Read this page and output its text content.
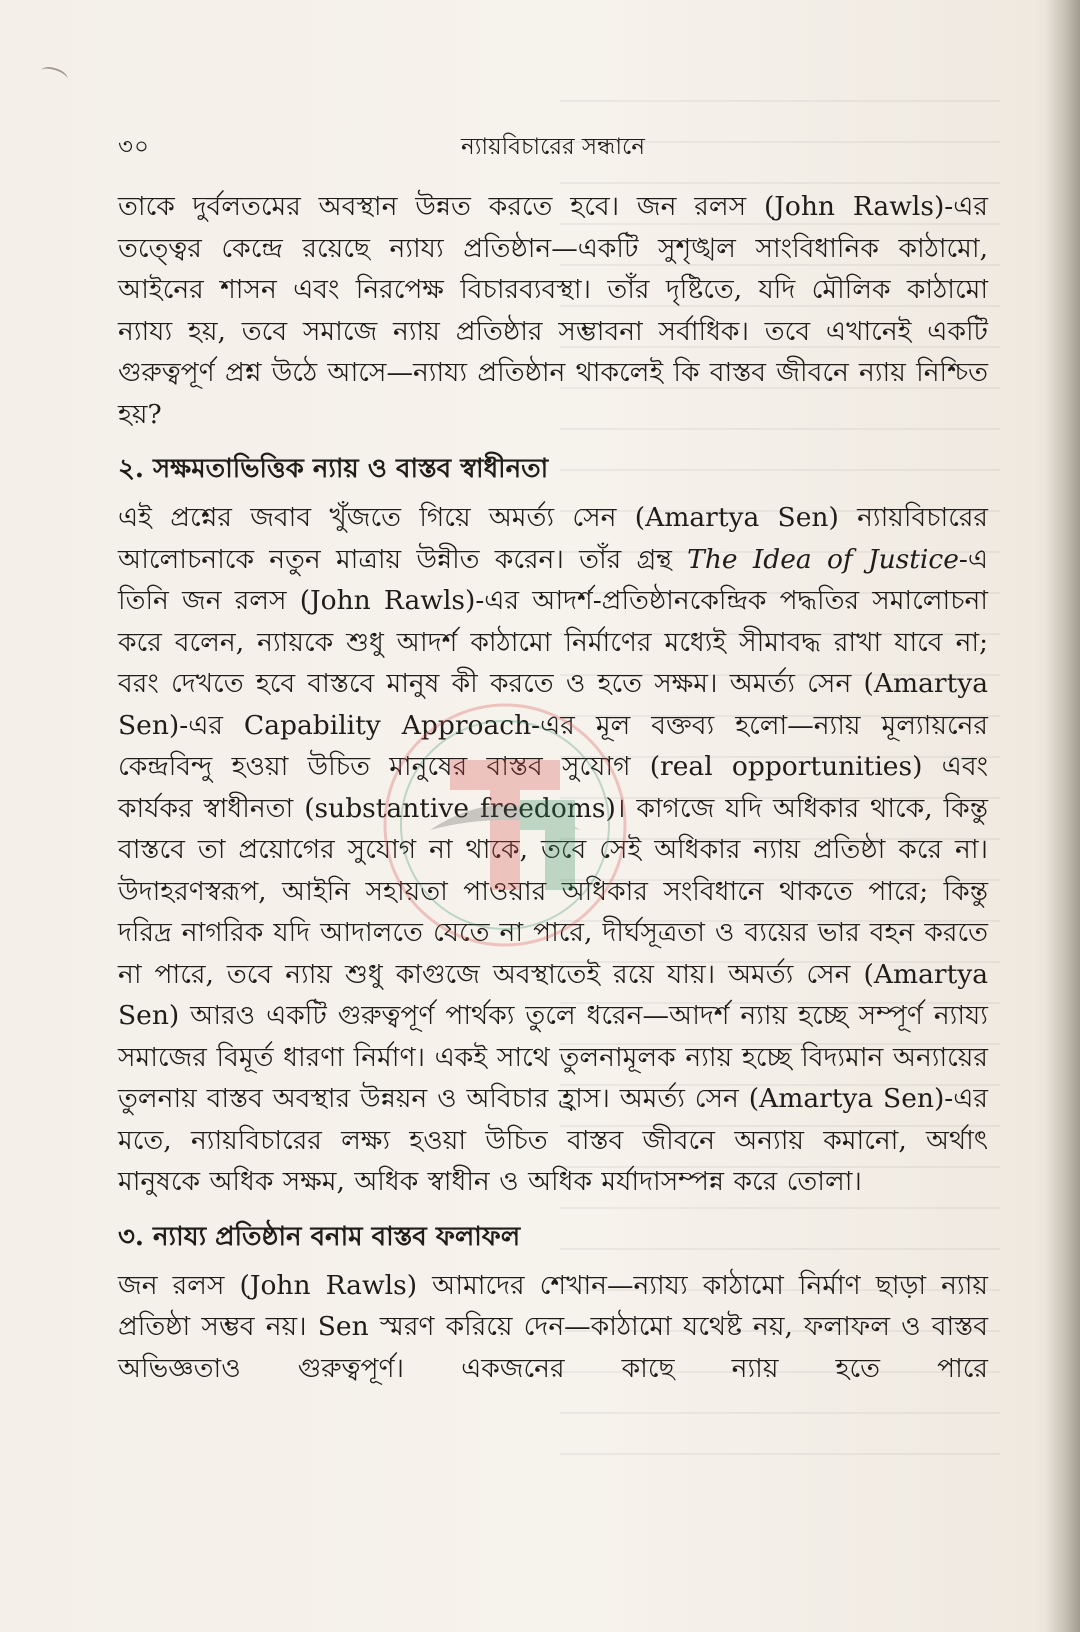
৩০	ন্যায়বিচারের সন্ধানে

তাকে দুর্বলতমের অবস্থান উন্নত করতে হবে। জন রলস (John Rawls)-এর তত্ত্বের কেন্দ্রে রয়েছে ন্যায্য প্রতিষ্ঠান—একটি সুশৃঙ্খল সাংবিধানিক কাঠামো, আইনের শাসন এবং নিরপেক্ষ বিচারব্যবস্থা। তাঁর দৃষ্টিতে, যদি মৌলিক কাঠামো ন্যায্য হয়, তবে সমাজে ন্যায় প্রতিষ্ঠার সম্ভাবনা সর্বাধিক। তবে এখানেই একটি গুরুত্বপূর্ণ প্রশ্ন উঠে আসে—ন্যায্য প্রতিষ্ঠান থাকলেই কি বাস্তব জীবনে ন্যায় নিশ্চিত হয়?

২. সক্ষমতাভিত্তিক ন্যায় ও বাস্তব স্বাধীনতা

এই প্রশ্নের জবাব খুঁজতে গিয়ে অমর্ত্য সেন (Amartya Sen) ন্যায়বিচারের আলোচনাকে নতুন মাত্রায় উন্নীত করেন। তাঁর গ্রন্থ The Idea of Justice-এ তিনি জন রলস (John Rawls)-এর আদর্শ-প্রতিষ্ঠানকেন্দ্রিক পদ্ধতির সমালোচনা করে বলেন, ন্যায়কে শুধু আদর্শ কাঠামো নির্মাণের মধ্যেই সীমাবদ্ধ রাখা যাবে না; বরং দেখতে হবে বাস্তবে মানুষ কী করতে ও হতে সক্ষম। অমর্ত্য সেন (Amartya Sen)-এর Capability Approach-এর মূল বক্তব্য হলো—ন্যায় মূল্যায়নের কেন্দ্রবিন্দু হওয়া উচিত মানুষের বাস্তব সুযোগ (real opportunities) এবং কার্যকর স্বাধীনতা (substantive freedoms)। কাগজে যদি অধিকার থাকে, কিন্তু বাস্তবে তা প্রয়োগের সুযোগ না থাকে, তবে সেই অধিকার ন্যায় প্রতিষ্ঠা করে না। উদাহরণস্বরূপ, আইনি সহায়তা পাওয়ার অধিকার সংবিধানে থাকতে পারে; কিন্তু দরিদ্র নাগরিক যদি আদালতে যেতে না পারে, দীর্ঘসূত্রতা ও ব্যয়ের ভার বহন করতে না পারে, তবে ন্যায় শুধু কাগুজে অবস্থাতেই রয়ে যায়। অমর্ত্য সেন (Amartya Sen) আরও একটি গুরুত্বপূর্ণ পার্থক্য তুলে ধরেন—আদর্শ ন্যায় হচ্ছে সম্পূর্ণ ন্যায্য সমাজের বিমূর্ত ধারণা নির্মাণ। একই সাথে তুলনামূলক ন্যায় হচ্ছে বিদ্যমান অন্যায়ের তুলনায় বাস্তব অবস্থার উন্নয়ন ও অবিচার হ্রাস। অমর্ত্য সেন (Amartya Sen)-এর মতে, ন্যায়বিচারের লক্ষ্য হওয়া উচিত বাস্তব জীবনে অন্যায় কমানো, অর্থাৎ মানুষকে অধিক সক্ষম, অধিক স্বাধীন ও অধিক মর্যাদাসম্পন্ন করে তোলা।

৩. ন্যায্য প্রতিষ্ঠান বনাম বাস্তব ফলাফল

জন রলস (John Rawls) আমাদের শেখান—ন্যায্য কাঠামো নির্মাণ ছাড়া ন্যায় প্রতিষ্ঠা সম্ভব নয়। Sen স্মরণ করিয়ে দেন—কাঠামো যথেষ্ট নয়, ফলাফল ও বাস্তব অভিজ্ঞতাও গুরুত্বপূর্ণ। একজনের কাছে ন্যায় হতে পারে
